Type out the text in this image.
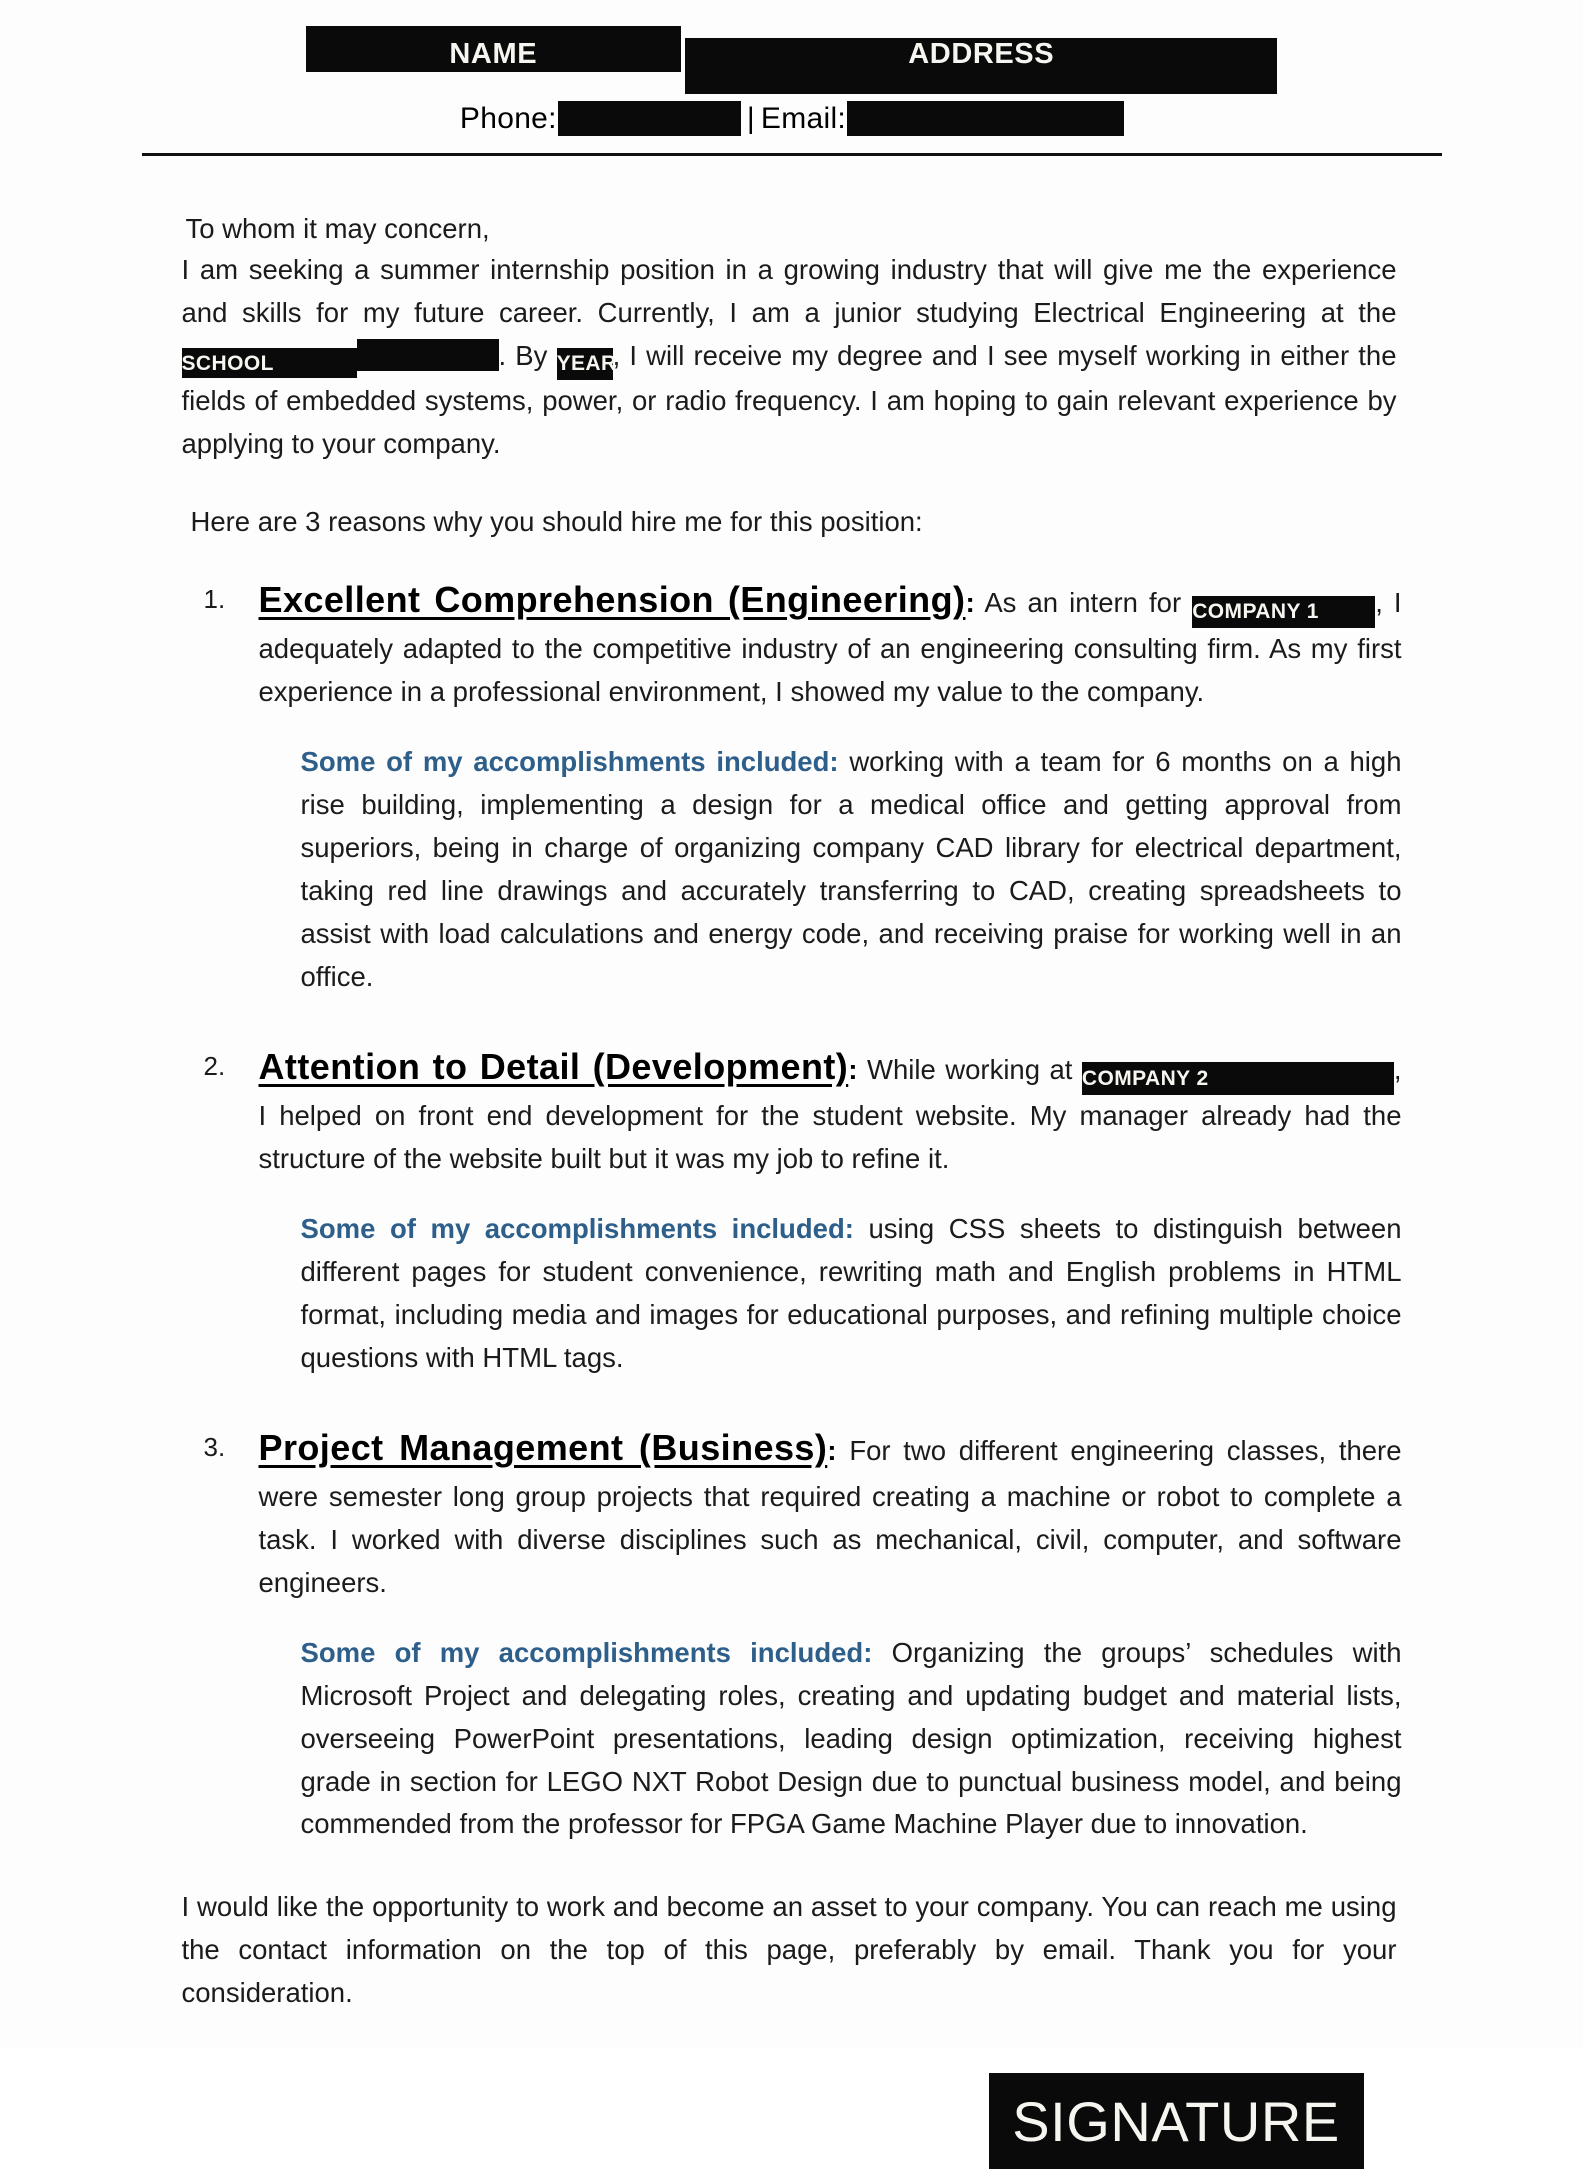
NAME	ADDRESS
Phone:	| Email:
To whom it may concern,

I am seeking a summer internship position in a growing industry that will give me the experience and skills for my future career. Currently, I am a junior studying Electrical Engineering at theSCHOOL	. By YEAR, I will receive my degree and I see myself working in either the fields of embedded systems, power, or radio frequency. I am hoping to gain relevant experience by applying to your company.

Here are 3 reasons why you should hire me for this position:
1. Excellent Comprehension (Engineering): As an intern for COMPANY 1 , I adequately adapted to the competitive industry of an engineering consulting firm. As my first experience in a professional environment, I showed my value to the company.

Some of my accomplishments included: working with a team for 6 months on a high rise building, implementing a design for a medical office and getting approval from superiors, being in charge of organizing company CAD library for electrical department, taking red line drawings and accurately transferring to CAD, creating spreadsheets to assist with load calculations and energy code, and receiving praise for working well in an office.

2. Attention to Detail (Development): While working at COMPANY 2	, I helped on front end development for the student website. My manager already had the structure of the website built but it was my job to refine it.

Some of my accomplishments included: using CSS sheets to distinguish between different pages for student convenience, rewriting math and English problems in HTML format, including media and images for educational purposes, and refining multiple choice questions with HTML tags.

3. Project Management (Business): For two different engineering classes, there were semester long group projects that required creating a machine or robot to complete a task. I worked with diverse disciplines such as mechanical, civil, computer, and software engineers.

Some of my accomplishments included: Organizing the groups’ schedules with Microsoft Project and delegating roles, creating and updating budget and material lists, overseeing PowerPoint presentations, leading design optimization, receiving highest grade in section for LEGO NXT Robot Design due to punctual business model, and being commended from the professor for FPGA Game Machine Player due to innovation.

I would like the opportunity to work and become an asset to your company. You can reach me using the contact information on the top of this page, preferably by email. Thank you for your consideration.

SIGNATURE
